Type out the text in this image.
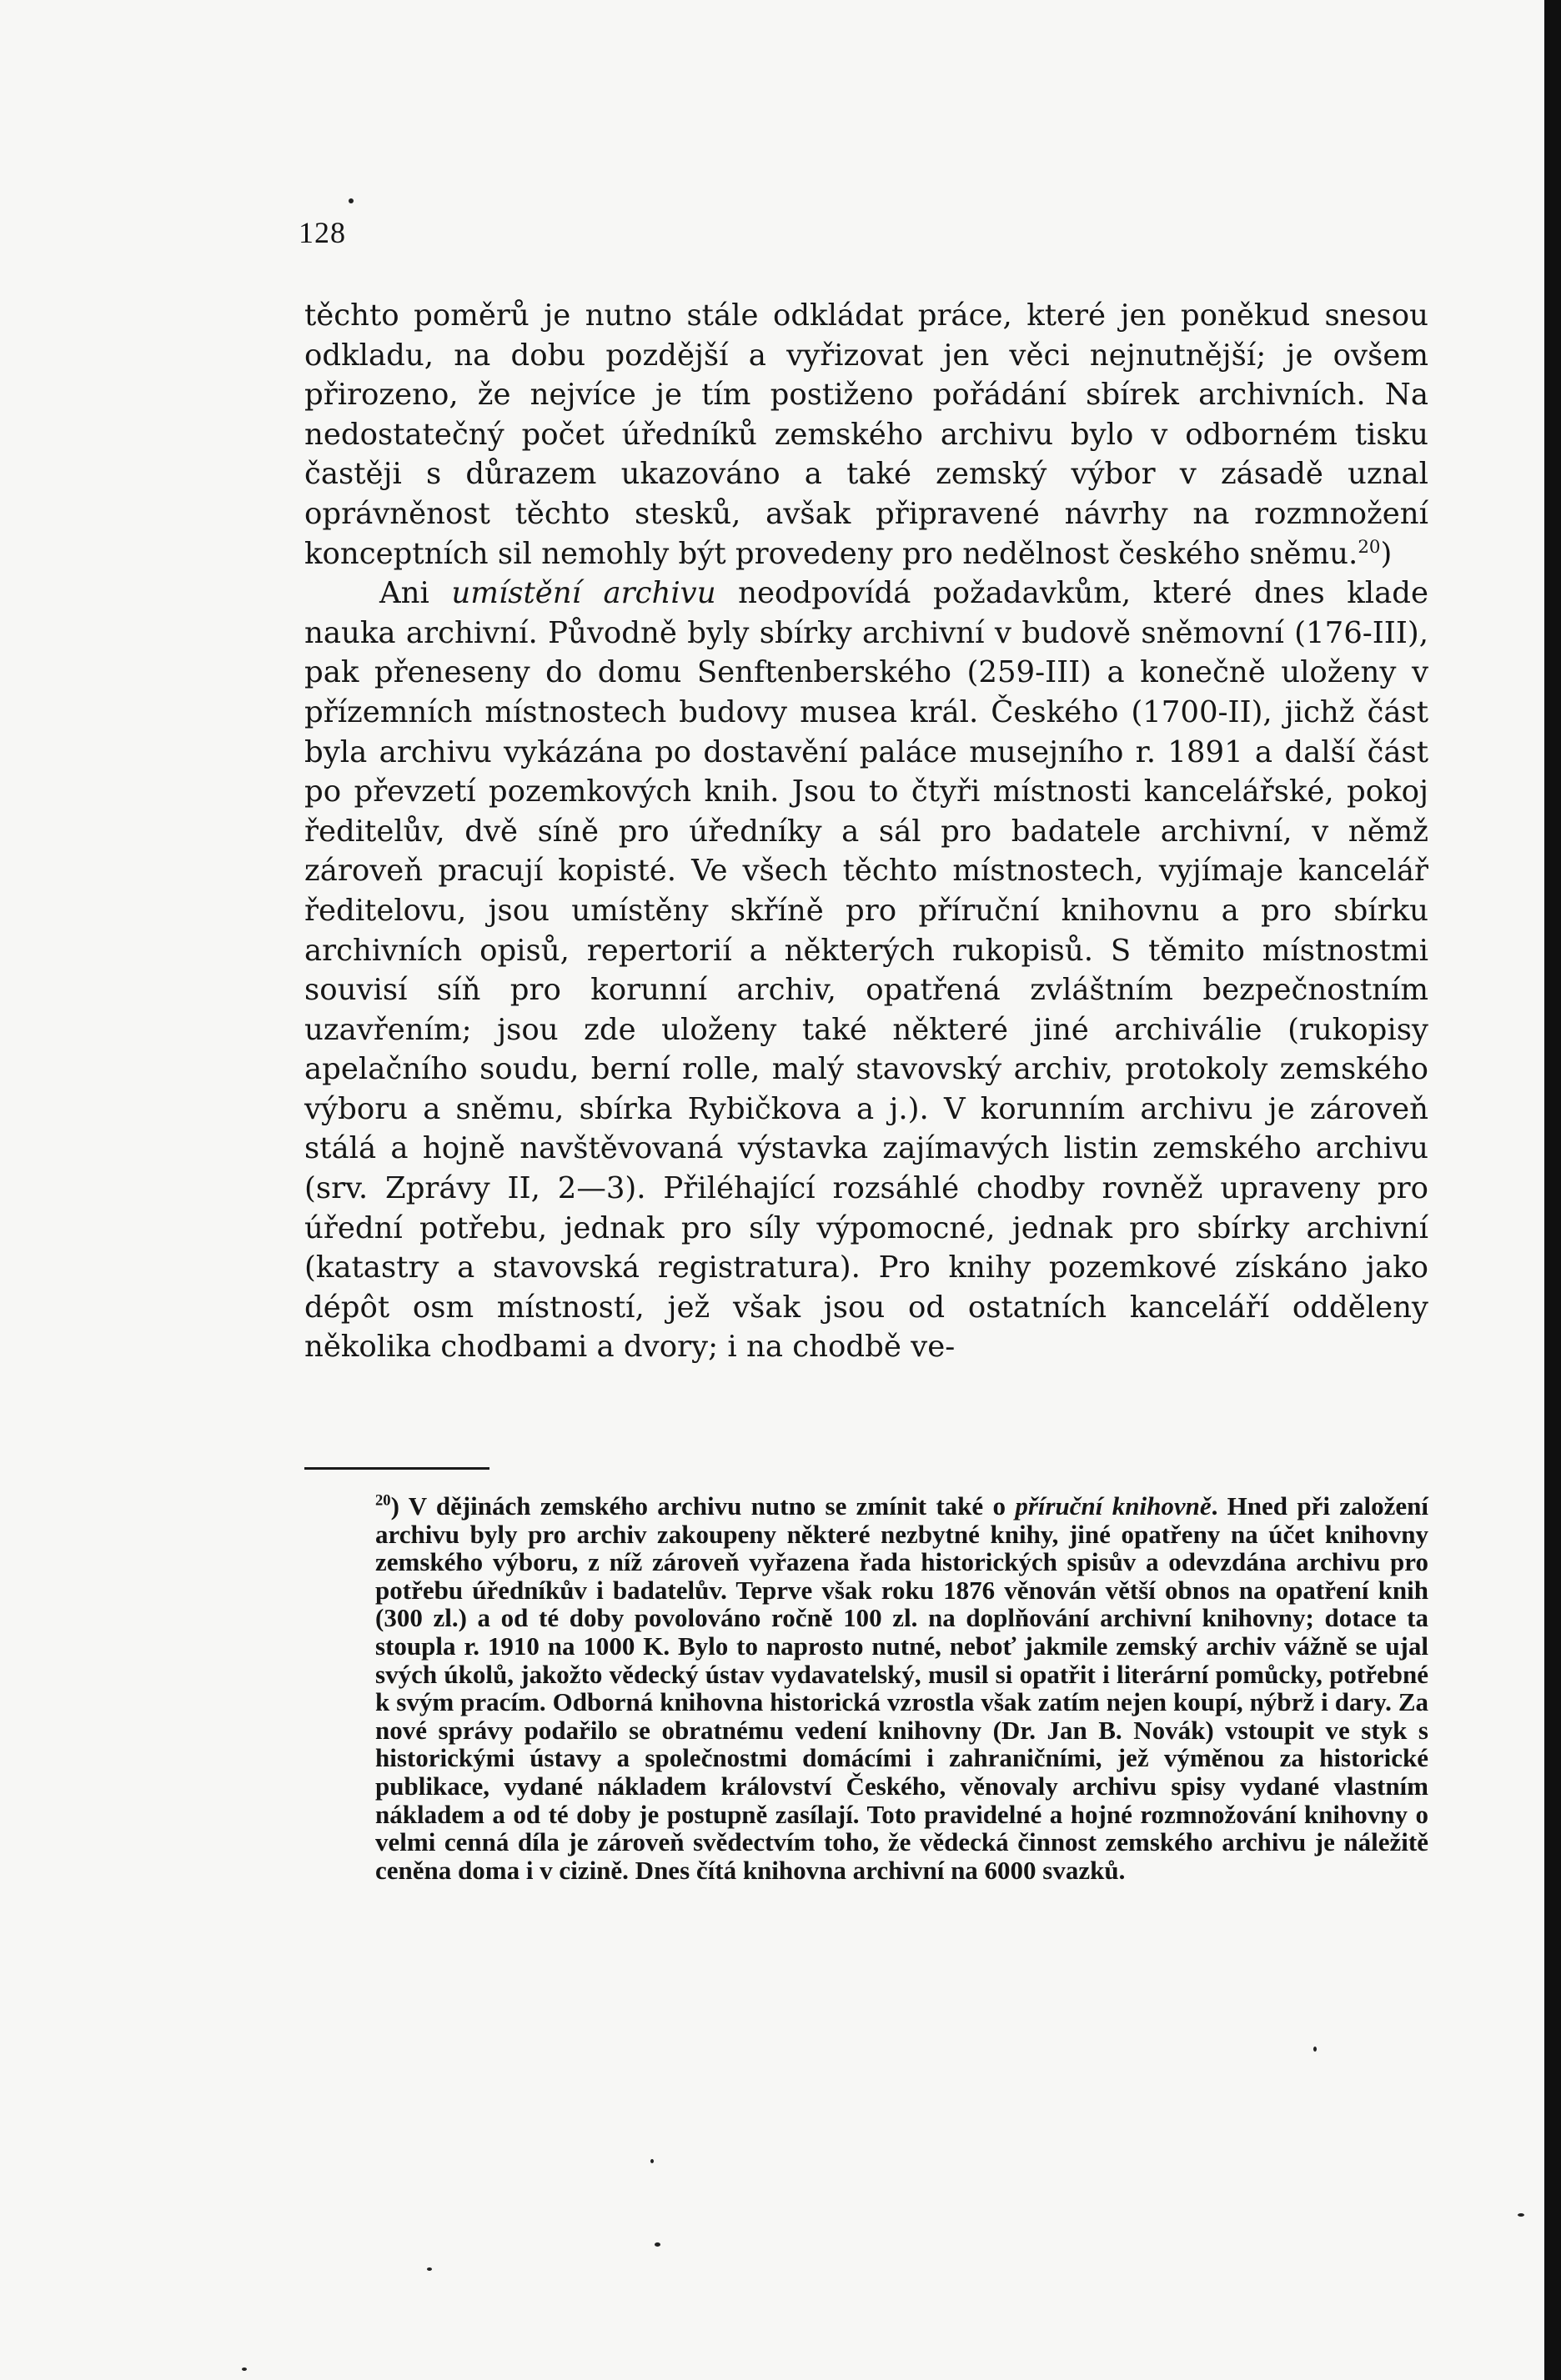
128

těchto poměrů je nutno stále odkládat práce, které jen poněkud snesou odkladu, na dobu pozdější a vyřizovat jen věci nejnutnější; je ovšem přirozeno, že nejvíce je tím postiženo pořádání sbírek archivních. Na nedostatečný počet úředníků zemského archivu bylo v odborném tisku častěji s důrazem ukazováno a také zemský výbor v zásadě uznal oprávněnost těchto stesků, avšak připravené návrhy na rozmnožení konceptních sil nemohly být provedeny pro nedělnost českého sněmu.$^{20}$)

Ani umístění archivu neodpovídá požadavkům, které dnes klade nauka archivní. Původně byly sbírky archivní v budově sněmovní (176-III), pak přeneseny do domu Senftenberského (259-III) a konečně uloženy v přízemních místnostech budovy musea král. Českého (1700-II), jichž část byla archivu vykázána po dostavění paláce musejního r. 1891 a další část po převzetí pozemkových knih. Jsou to čtyři místnosti kancelářské, pokoj ředitelův, dvě síně pro úředníky a sál pro badatele archivní, v němž zároveň pracují kopisté. Ve všech těchto místnostech, vyjímaje kancelář ředitelovu, jsou umístěny skříně pro příruční knihovnu a pro sbírku archivních opisů, repertorií a některých rukopisů. S těmito místnostmi souvisí síň pro korunní archiv, opatřená zvláštním bezpečnostním uzavřením; jsou zde uloženy také některé jiné archiválie (rukopisy apelačního soudu, berní rolle, malý stavovský archiv, protokoly zemského výboru a sněmu, sbírka Rybičkova a j.). V korunním archivu je zároveň stálá a hojně navštěvovaná výstavka zajímavých listin zemského archivu (srv. Zprávy II, 2—3). Přiléhající rozsáhlé chodby rovněž upraveny pro úřední potřebu, jednak pro síly výpomocné, jednak pro sbírky archivní (katastry a stavovská registratura). Pro knihy pozemkové získáno jako dépôt osm místností, jež však jsou od ostatních kanceláří odděleny několika chodbami a dvory; i na chodbě ve-

$^{20}$) V dějinách zemského archivu nutno se zmínit také o příruční knihovně. Hned při založení archivu byly pro archiv zakoupeny některé nezbytné knihy, jiné opatřeny na účet knihovny zemského výboru, z níž zároveň vyřazena řada historických spisův a odevzdána archivu pro potřebu úředníkův i badatelův. Teprve však roku 1876 věnován větší obnos na opatření knih (300 zl.) a od té doby povolováno ročně 100 zl. na doplňování archivní knihovny; dotace ta stoupla r. 1910 na 1000 K. Bylo to naprosto nutné, neboť jakmile zemský archiv vážně se ujal svých úkolů, jakožto vědecký ústav vydavatelský, musil si opatřit i literární pomůcky, potřebné k svým pracím. Odborná knihovna historická vzrostla však zatím nejen koupí, nýbrž i dary. Za nové správy podařilo se obratnému vedení knihovny (Dr. Jan B. Novák) vstoupit ve styk s historickými ústavy a společnostmi domácími i zahraničními, jež výměnou za historické publikace, vydané nákladem království Českého, věnovaly archivu spisy vydané vlastním nákladem a od té doby je postupně zasílají. Toto pravidelné a hojné rozmnožování knihovny o velmi cenná díla je zároveň svědectvím toho, že vědecká činnost zemského archivu je náležitě ceněna doma i v cizině. Dnes čítá knihovna archivní na 6000 svazků.
